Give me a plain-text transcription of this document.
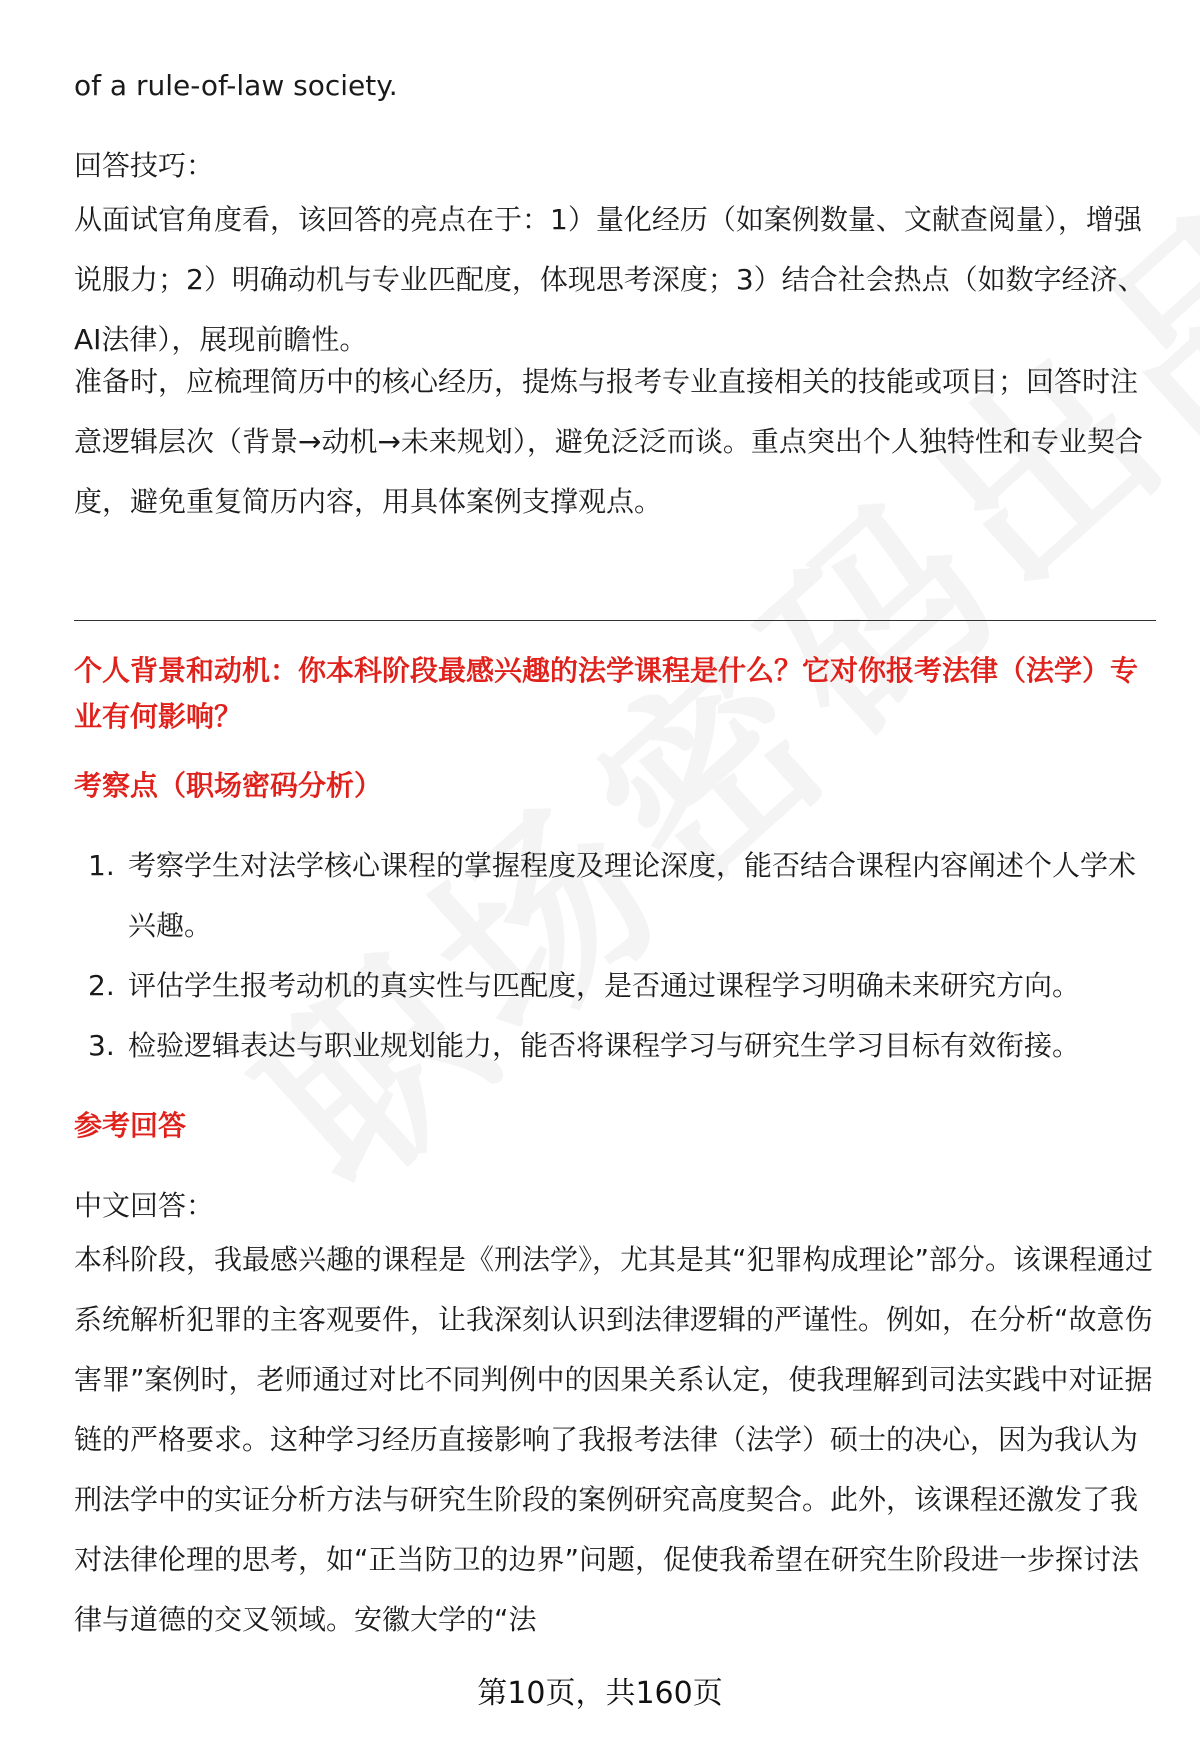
of a rule-of-law society.

回答技巧：

从面试官角度看，该回答的亮点在于：1）量化经历（如案例数量、文献查阅量），增强说服力；2）明确动机与专业匹配度，体现思考深度；3）结合社会热点（如数字经济、AI法律），展现前瞻性。

准备时，应梳理简历中的核心经历，提炼与报考专业直接相关的技能或项目；回答时注意逻辑层次（背景→动机→未来规划），避免泛泛而谈。重点突出个人独特性和专业契合度，避免重复简历内容，用具体案例支撑观点。

个人背景和动机：你本科阶段最感兴趣的法学课程是什么？它对你报考法律（法学）专业有何影响？

考察点（职场密码分析）

1. 考察学生对法学核心课程的掌握程度及理论深度，能否结合课程内容阐述个人学术兴趣。
2. 评估学生报考动机的真实性与匹配度，是否通过课程学习明确未来研究方向。
3. 检验逻辑表达与职业规划能力，能否将课程学习与研究生学习目标有效衔接。

参考回答

中文回答：

本科阶段，我最感兴趣的课程是《刑法学》，尤其是其“犯罪构成理论”部分。该课程通过系统解析犯罪的主客观要件，让我深刻认识到法律逻辑的严谨性。例如，在分析“故意伤害罪”案例时，老师通过对比不同判例中的因果关系认定，使我理解到司法实践中对证据链的严格要求。这种学习经历直接影响了我报考法律（法学）硕士的决心，因为我认为刑法学中的实证分析方法与研究生阶段的案例研究高度契合。此外，该课程还激发了我对法律伦理的思考，如“正当防卫的边界”问题，促使我希望在研究生阶段进一步探讨法律与道德的交叉领域。安徽大学的“法

第10页，共160页
